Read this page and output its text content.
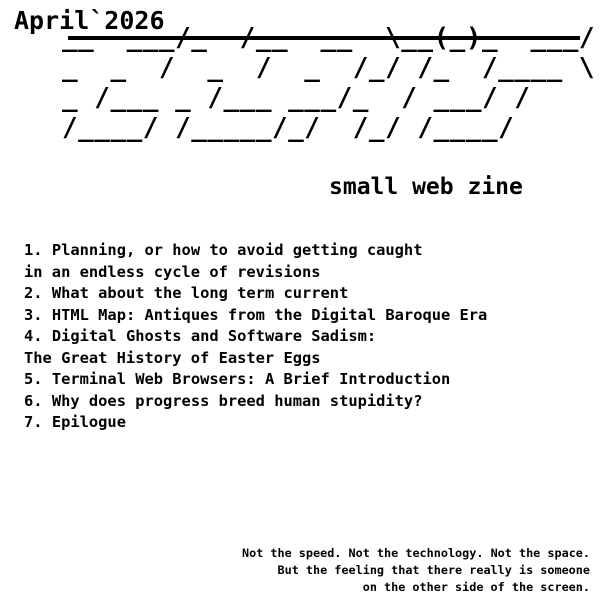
April`2026
__  ___/_  /__  __  \__(_)_  ___/
_  _  /  _  /  _  /_/ /_  /____ \
_ /___ _ /___ ___/_  / ___/ /
/____/ /_____/_/  /_/ /____/
small web zine
1. Planning, or how to avoid getting caught
in an endless cycle of revisions
2. What about the long term current
3. HTML Map: Antiques from the Digital Baroque Era
4. Digital Ghosts and Software Sadism:
The Great History of Easter Eggs
5. Terminal Web Browsers: A Brief Introduction
6. Why does progress breed human stupidity?
7. Epilogue
Not the speed. Not the technology. Not the space.
But the feeling that there really is someone
on the other side of the screen.
